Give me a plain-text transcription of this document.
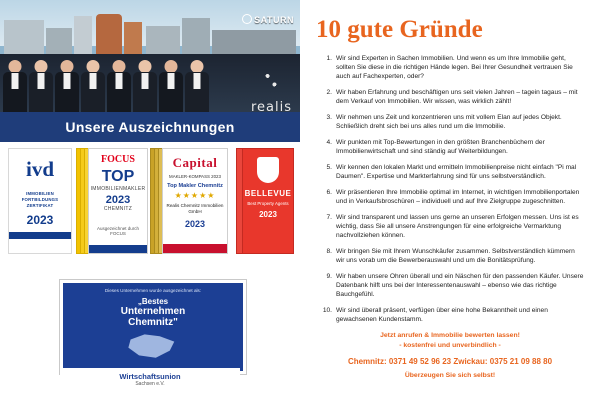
SATURN
realis
Unsere Auszeichnungen
ivd
IMMOBILIEN FORTBILDUNGS ZERTIFIKAT
2023
FOCUS
TOP
IMMOBILIENMAKLER
2023
CHEMNITZ
Ausgezeichnet durch FOCUS
Capital
MAKLER-KOMPASS 2023
Top Makler Chemnitz
★★★★★
Realis Chemnitz Immobilien GmbH
2023
BELLEVUE
Best Property Agents
2023
Dieses Unternehmen wurde ausgezeichnet als:
„Bestes
Unternehmen
Chemnitz"
Wirtschaftsunion
Sachsen e.V.
10 gute Gründe
Wir sind Experten in Sachen Immobilien. Und wenn es um Ihre Immobilie geht, sollten Sie diese in die richtigen Hände legen. Bei Ihrer Gesundheit vertrauen Sie auch auf Fachexperten, oder?
Wir haben Erfahrung und beschäftigen uns seit vielen Jahren – tagein tagaus – mit dem Verkauf von Immobilien. Wir wissen, was wirklich zählt!
Wir nehmen uns Zeit und konzentrieren uns mit vollem Elan auf jedes Objekt. Schließlich dreht sich bei uns alles rund um die Immobilie.
Wir punkten mit Top-Bewertungen in den größten Branchenbüchern der Immobilienwirtschaft und sind ständig auf Weiterbildungen.
Wir kennen den lokalen Markt und ermitteln Immobilienpreise nicht einfach "Pi mal Daumen". Expertise und Markterfahrung sind für uns selbstverständlich.
Wir präsentieren Ihre Immobilie optimal im Internet, in wichtigen Immobilienportalen und in Verkaufsbroschüren – individuell und auf Ihre Zielgruppe zugeschnitten.
Wir sind transparent und lassen uns gerne an unseren Erfolgen messen. Uns ist es wichtig, dass Sie all unsere Anstrengungen für eine erfolgreiche Vermarktung nachvollziehen können.
Wir bringen Sie mit Ihrem Wunschkäufer zusammen. Selbstverständlich kümmern wir uns vorab um die Bewerberauswahl und um die Bonitätsprüfung.
Wir haben unsere Ohren überall und ein Näschen für den passenden Käufer. Unsere Datenbank hilft uns bei der Interessentenauswahl – ebenso wie das richtige Bauchgefühl.
Wir sind überall präsent, verfügen über eine hohe Bekanntheit und einen gewachsenen Kundenstamm.
Jetzt anrufen & Immobilie bewerten lassen!
- kostenfrei und unverbindlich -
Chemnitz: 0371 49 52 96 23 Zwickau: 0375 21 09 88 80
Überzeugen Sie sich selbst!
